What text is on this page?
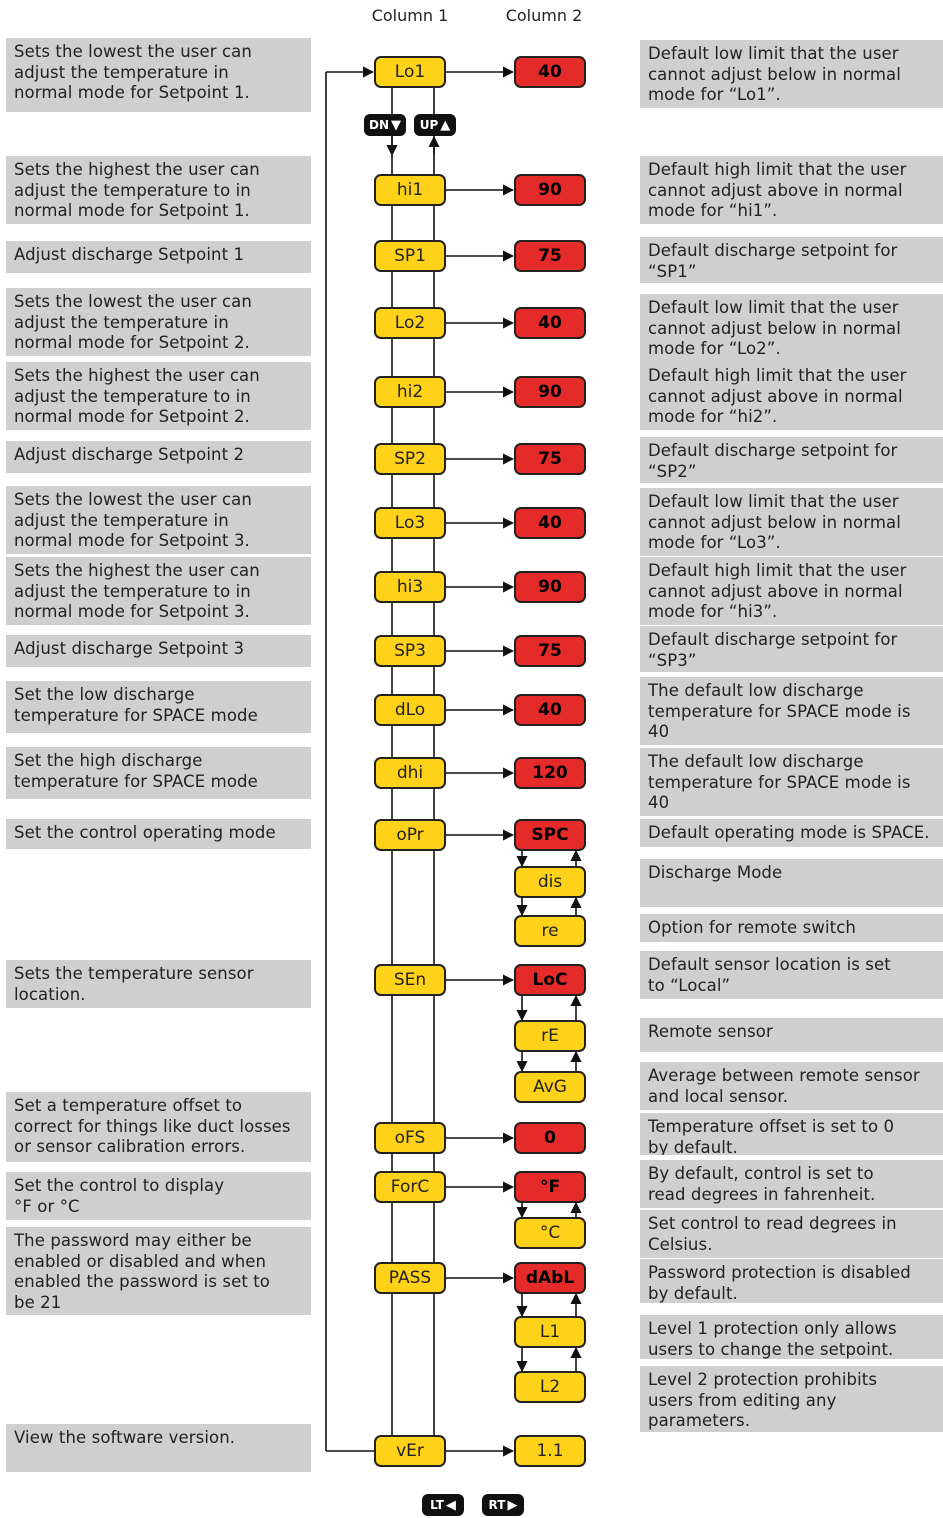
Column 1	Column 2
DN ▼ UP ▲
LT ◀	RT ▶
Sets the lowest the user can
adjust the temperature in
normal mode for Setpoint 1.
Sets the highest the user can
adjust the temperature to in
normal mode for Setpoint 1.
Adjust discharge Setpoint 1
Sets the lowest the user can
adjust the temperature in
normal mode for Setpoint 2.
Sets the highest the user can
adjust the temperature to in
normal mode for Setpoint 2.
Adjust discharge Setpoint 2
Sets the lowest the user can
adjust the temperature in
normal mode for Setpoint 3.
Sets the highest the user can
adjust the temperature to in
normal mode for Setpoint 3.
Adjust discharge Setpoint 3
Set the low discharge
temperature for SPACE mode
Set the high discharge
temperature for SPACE mode
Set the control operating mode
Sets the temperature sensor
location.
Set a temperature offset to
correct for things like duct losses
or sensor calibration errors.
Set the control to display
°F or °C
The password may either be
enabled or disabled and when
enabled the password is set to
be 21
View the software version.
Default low limit that the user
cannot adjust below in normal
mode for “Lo1”.
Default high limit that the user
cannot adjust above in normal
mode for “hi1”.
Default discharge setpoint for
“SP1”
Default low limit that the user
cannot adjust below in normal
mode for “Lo2”.
Default high limit that the user
cannot adjust above in normal
mode for “hi2”.
Default discharge setpoint for
“SP2”
Default low limit that the user
cannot adjust below in normal
mode for “Lo3”.
Default high limit that the user
cannot adjust above in normal
mode for “hi3”.
Default discharge setpoint for
“SP3”
The default low discharge
temperature for SPACE mode is
40
The default low discharge
temperature for SPACE mode is
40
Default operating mode is SPACE.
Discharge Mode
Option for remote switch
Default sensor location is set
to “Local”
Remote sensor
Average between remote sensor
and local sensor.
Temperature offset is set to 0
by default.
By default, control is set to
read degrees in fahrenheit.
Set control to read degrees in
Celsius.
Password protection is disabled
by default.
Level 1 protection only allows
users to change the setpoint.
Level 2 protection prohibits
users from editing any
parameters.
Lo1
hi1
SP1
Lo2
hi2
SP2
Lo3
hi3
SP3
dLo
dhi
oPr
SEn
oFS
ForC
PASS
vEr
40
90
75
40
90
75
40
90
75
40
120
SPC
dis
re
LoC
rE
AvG
0
°F
°C
dAbL
L1
L2
1.1
